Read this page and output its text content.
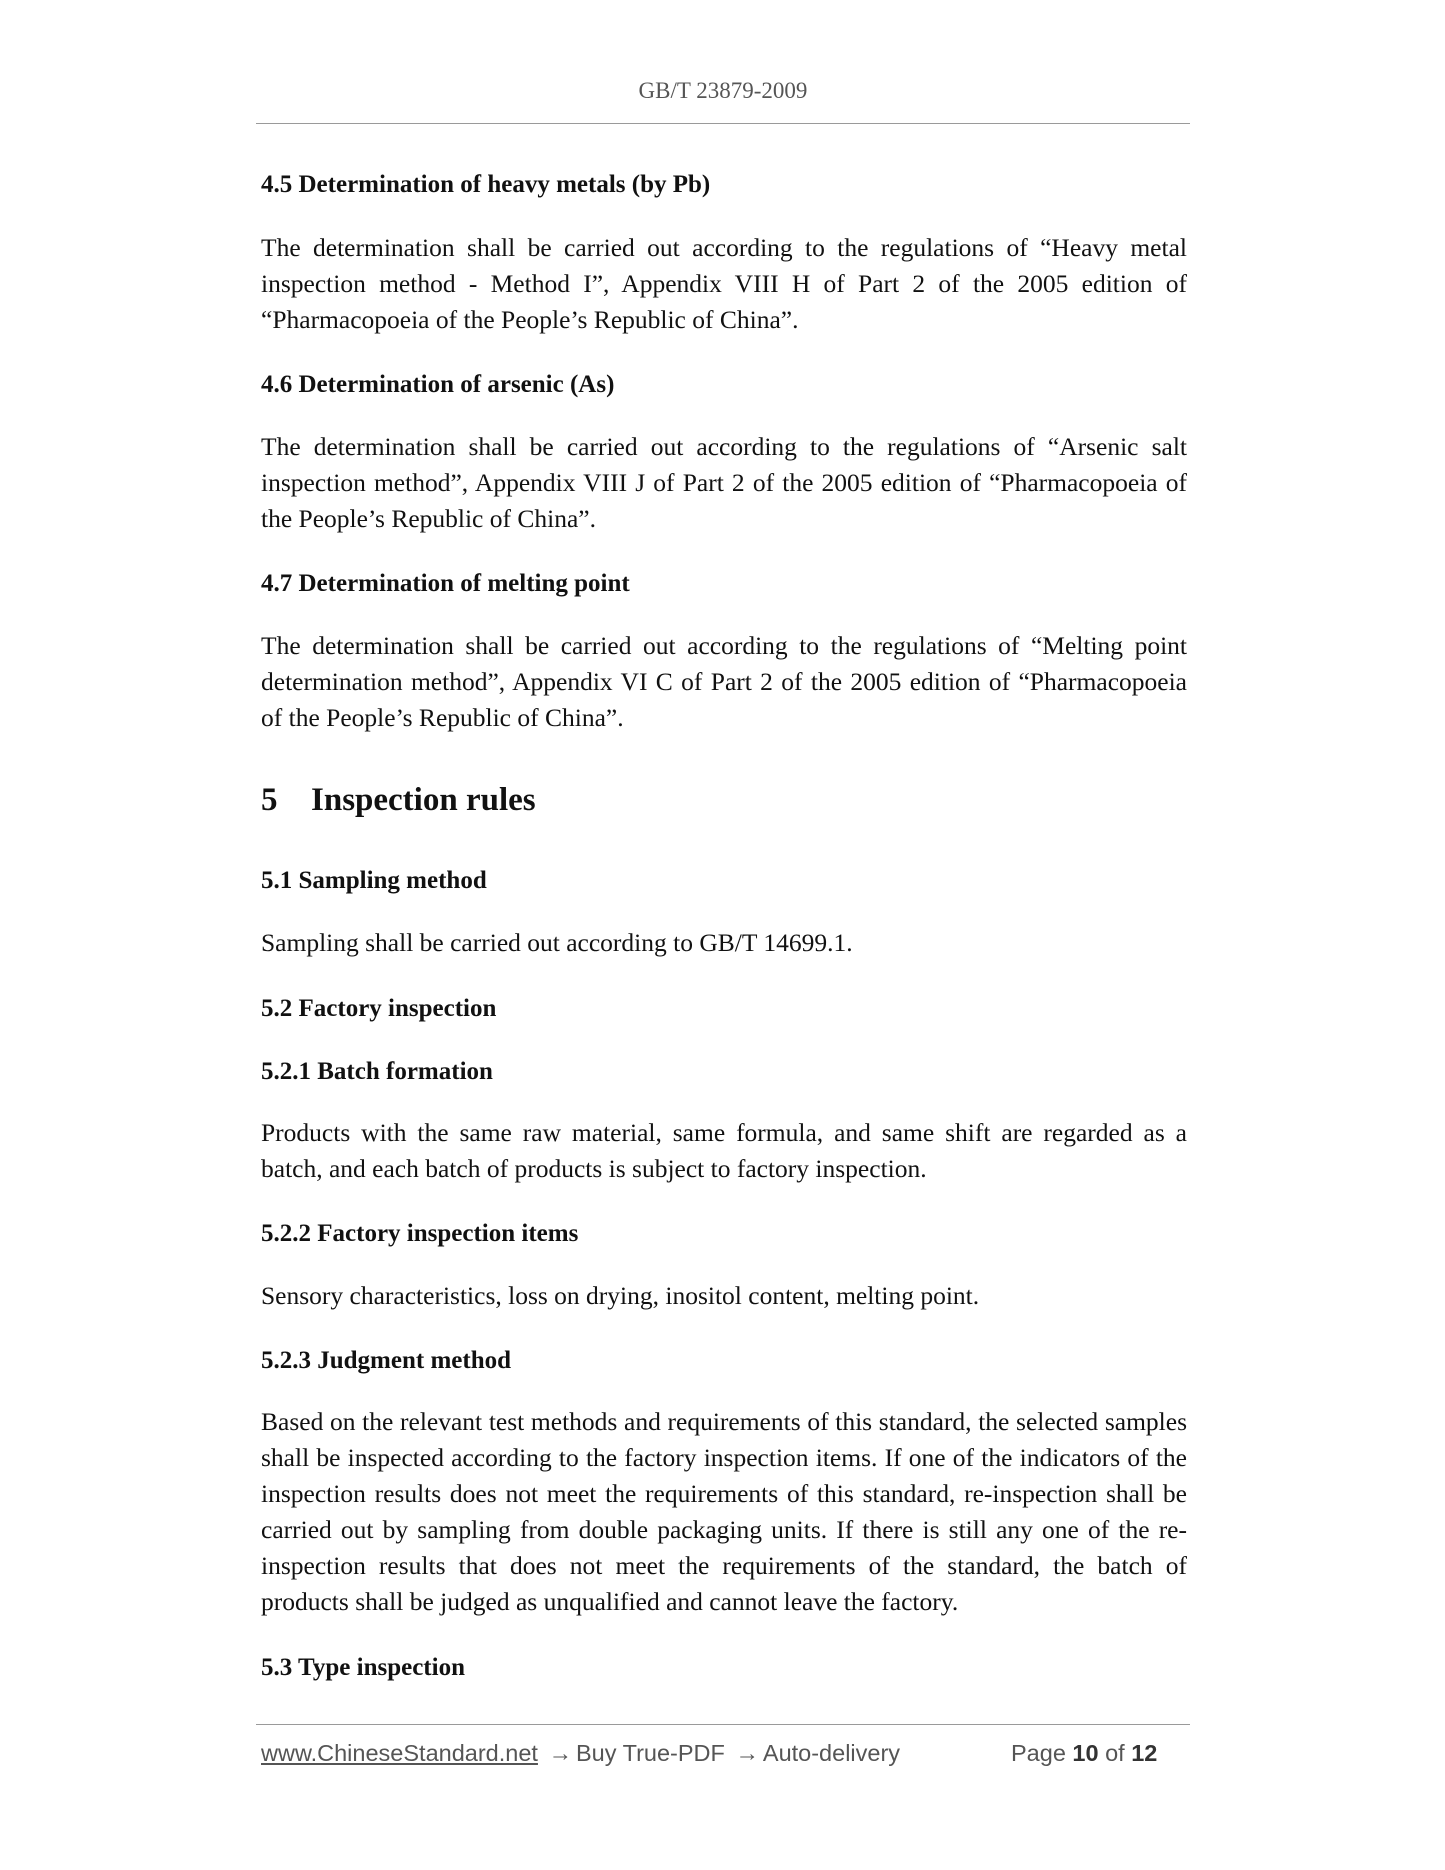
GB/T 23879-2009
4.5 Determination of heavy metals (by Pb)

The determination shall be carried out according to the regulations of “Heavy metal inspection method - Method I”, Appendix VIII H of Part 2 of the 2005 edition of “Pharmacopoeia of the People’s Republic of China”.

4.6 Determination of arsenic (As)

The determination shall be carried out according to the regulations of “Arsenic salt inspection method”, Appendix VIII J of Part 2 of the 2005 edition of “Pharmacopoeia of the People’s Republic of China”.

4.7 Determination of melting point

The determination shall be carried out according to the regulations of “Melting point determination method”, Appendix VI C of Part 2 of the 2005 edition of “Pharmacopoeia of the People’s Republic of China”.

5 Inspection rules
5.1 Sampling method

Sampling shall be carried out according to GB/T 14699.1.

5.2 Factory inspection
5.2.1 Batch formation

Products with the same raw material, same formula, and same shift are regarded as a batch, and each batch of products is subject to factory inspection.

5.2.2 Factory inspection items

Sensory characteristics, loss on drying, inositol content, melting point.

5.2.3 Judgment method

Based on the relevant test methods and requirements of this standard, the selected samples shall be inspected according to the factory inspection items. If one of the indicators of the inspection results does not meet the requirements of this standard, re-inspection shall be carried out by sampling from double packaging units. If there is still any one of the re-inspection results that does not meet the requirements of the standard, the batch of products shall be judged as unqualified and cannot leave the factory.

5.3 Type inspection
www.ChineseStandard.net → Buy True-PDF → Auto-delivery	Page 10 of 12
